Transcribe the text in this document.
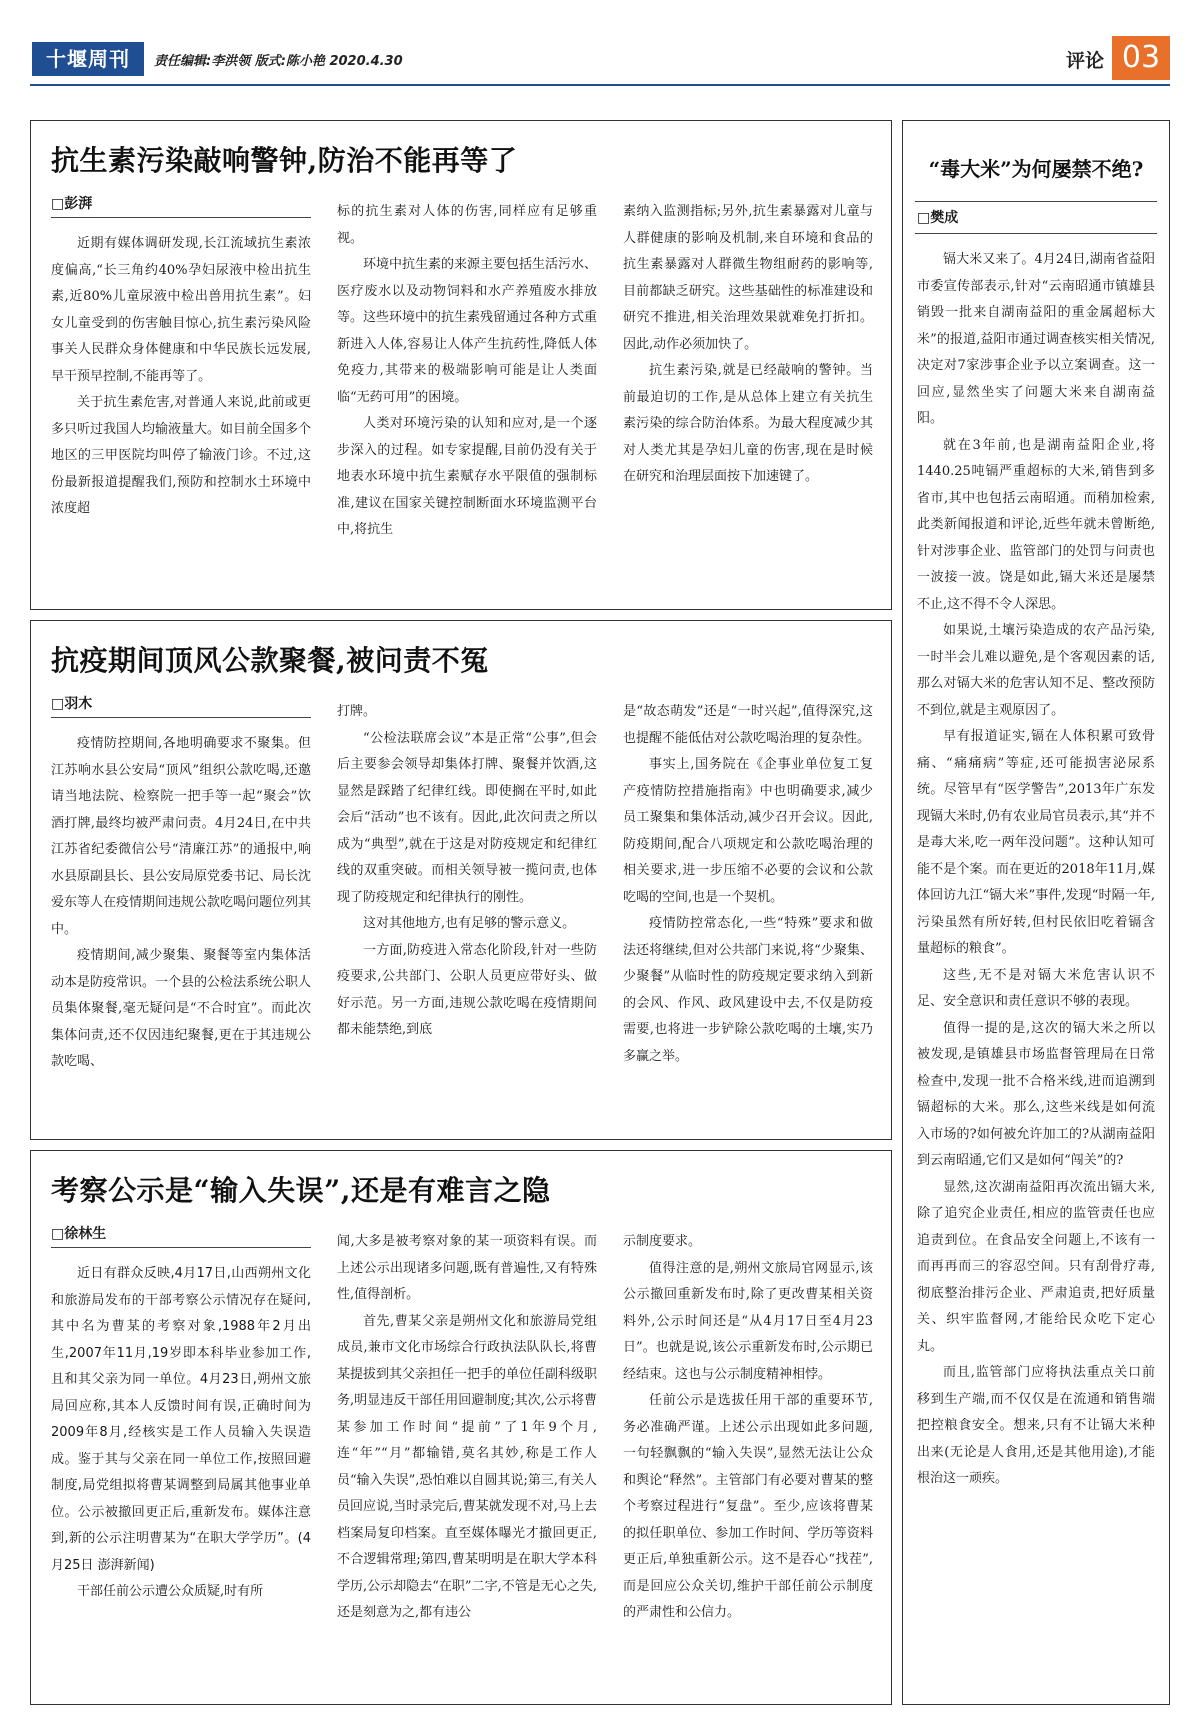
十堰周刊	责任编辑:李洪领 版式:陈小艳 2020.4.30	评论 03
抗生素污染敲响警钟,防治不能再等了
□彭湃

近期有媒体调研发现,长江流域抗生素浓度偏高,“长三角约40%孕妇尿液中检出抗生素,近80%儿童尿液中检出兽用抗生素”。妇女儿童受到的伤害触目惊心,抗生素污染风险事关人民群众身体健康和中华民族长远发展,早干预早控制,不能再等了。

关于抗生素危害,对普通人来说,此前或更多只听过我国人均输液量大。如目前全国多个地区的三甲医院均叫停了输液门诊。不过,这份最新报道提醒我们,预防和控制水土环境中浓度超

标的抗生素对人体的伤害,同样应有足够重视。

环境中抗生素的来源主要包括生活污水、医疗废水以及动物饲料和水产养殖废水排放等。这些环境中的抗生素残留通过各种方式重新进入人体,容易让人体产生抗药性,降低人体免疫力,其带来的极端影响可能是让人类面临“无药可用”的困境。

人类对环境污染的认知和应对,是一个逐步深入的过程。如专家提醒,目前仍没有关于地表水环境中抗生素赋存水平限值的强制标准,建议在国家关键控制断面水环境监测平台中,将抗生

素纳入监测指标;另外,抗生素暴露对儿童与人群健康的影响及机制,来自环境和食品的抗生素暴露对人群微生物组耐药的影响等,目前都缺乏研究。这些基础性的标准建设和研究不推进,相关治理效果就难免打折扣。因此,动作必须加快了。

抗生素污染,就是已经敲响的警钟。当前最迫切的工作,是从总体上建立有关抗生素污染的综合防治体系。为最大程度减少其对人类尤其是孕妇儿童的伤害,现在是时候在研究和治理层面按下加速键了。

抗疫期间顶风公款聚餐,被问责不冤
□羽木

疫情防控期间,各地明确要求不聚集。但江苏响水县公安局“顶风”组织公款吃喝,还邀请当地法院、检察院一把手等一起“聚会”饮酒打牌,最终均被严肃问责。4月24日,在中共江苏省纪委微信公号“清廉江苏”的通报中,响水县原副县长、县公安局原党委书记、局长沈爱东等人在疫情期间违规公款吃喝问题位列其中。

疫情期间,减少聚集、聚餐等室内集体活动本是防疫常识。一个县的公检法系统公职人员集体聚餐,毫无疑问是“不合时宜”。而此次集体问责,还不仅因违纪聚餐,更在于其违规公款吃喝、

打牌。

“公检法联席会议”本是正常“公事”,但会后主要参会领导却集体打牌、聚餐并饮酒,这显然是踩踏了纪律红线。即使搁在平时,如此会后“活动”也不该有。因此,此次问责之所以成为“典型”,就在于这是对防疫规定和纪律红线的双重突破。而相关领导被一揽问责,也体现了防疫规定和纪律执行的刚性。

这对其他地方,也有足够的警示意义。

一方面,防疫进入常态化阶段,针对一些防疫要求,公共部门、公职人员更应带好头、做好示范。另一方面,违规公款吃喝在疫情期间都未能禁绝,到底

是“故态萌发”还是“一时兴起”,值得深究,这也提醒不能低估对公款吃喝治理的复杂性。

事实上,国务院在《企事业单位复工复产疫情防控措施指南》中也明确要求,减少员工聚集和集体活动,减少召开会议。因此,防疫期间,配合八项规定和公款吃喝治理的相关要求,进一步压缩不必要的会议和公款吃喝的空间,也是一个契机。

疫情防控常态化,一些“特殊”要求和做法还将继续,但对公共部门来说,将“少聚集、少聚餐”从临时性的防疫规定要求纳入到新的会风、作风、政风建设中去,不仅是防疫需要,也将进一步铲除公款吃喝的土壤,实乃多赢之举。

考察公示是“输入失误”,还是有难言之隐
□徐林生

近日有群众反映,4月17日,山西朔州文化和旅游局发布的干部考察公示情况存在疑问,其中名为曹某的考察对象,1988年2月出生,2007年11月,19岁即本科毕业参加工作,且和其父亲为同一单位。4月23日,朔州文旅局回应称,其本人反馈时间有误,正确时间为2009年8月,经核实是工作人员输入失误造成。鉴于其与父亲在同一单位工作,按照回避制度,局党组拟将曹某调整到局属其他事业单位。公示被撤回更正后,重新发布。媒体注意到,新的公示注明曹某为“在职大学学历”。(4月25日 澎湃新闻)

干部任前公示遭公众质疑,时有所

闻,大多是被考察对象的某一项资料有误。而上述公示出现诸多问题,既有普遍性,又有特殊性,值得剖析。

首先,曹某父亲是朔州文化和旅游局党组成员,兼市文化市场综合行政执法队队长,将曹某提拔到其父亲担任一把手的单位任副科级职务,明显违反干部任用回避制度;其次,公示将曹某参加工作时间“提前”了1年9个月,连“年”“月”都输错,莫名其妙,称是工作人员“输入失误”,恐怕难以自圆其说;第三,有关人员回应说,当时录完后,曹某就发现不对,马上去档案局复印档案。直至媒体曝光才撤回更正,不合逻辑常理;第四,曹某明明是在职大学本科学历,公示却隐去“在职”二字,不管是无心之失,还是刻意为之,都有违公

示制度要求。

值得注意的是,朔州文旅局官网显示,该公示撤回重新发布时,除了更改曹某相关资料外,公示时间还是“从4月17日至4月23日”。也就是说,该公示重新发布时,公示期已经结束。这也与公示制度精神相悖。

任前公示是选拔任用干部的重要环节,务必准确严谨。上述公示出现如此多问题,一句轻飘飘的“输入失误”,显然无法让公众和舆论“释然”。主管部门有必要对曹某的整个考察过程进行“复盘”。至少,应该将曹某的拟任职单位、参加工作时间、学历等资料更正后,单独重新公示。这不是吞心“找茬”,而是回应公众关切,维护干部任前公示制度的严肃性和公信力。

“毒大米”为何屡禁不绝?
□樊成

镉大米又来了。4月24日,湖南省益阳市委宣传部表示,针对“云南昭通市镇雄县销毁一批来自湖南益阳的重金属超标大米”的报道,益阳市通过调查核实相关情况,决定对7家涉事企业予以立案调查。这一回应,显然坐实了问题大米来自湖南益阳。

就在3年前,也是湖南益阳企业,将1440.25吨镉严重超标的大米,销售到多省市,其中也包括云南昭通。而稍加检索,此类新闻报道和评论,近些年就未曾断绝,针对涉事企业、监管部门的处罚与问责也一波接一波。饶是如此,镉大米还是屡禁不止,这不得不令人深思。

如果说,土壤污染造成的农产品污染,一时半会儿难以避免,是个客观因素的话,那么对镉大米的危害认知不足、整改预防不到位,就是主观原因了。

早有报道证实,镉在人体积累可致骨痛、“痛痛病”等症,还可能损害泌尿系统。尽管早有“医学警告”,2013年广东发现镉大米时,仍有农业局官员表示,其“并不是毒大米,吃一两年没问题”。这种认知可能不是个案。而在更近的2018年11月,媒体回访九江“镉大米”事件,发现“时隔一年,污染虽然有所好转,但村民依旧吃着镉含量超标的粮食”。

这些,无不是对镉大米危害认识不足、安全意识和责任意识不够的表现。

值得一提的是,这次的镉大米之所以被发现,是镇雄县市场监督管理局在日常检查中,发现一批不合格米线,进而追溯到镉超标的大米。那么,这些米线是如何流入市场的?如何被允许加工的?从湖南益阳到云南昭通,它们又是如何“闯关”的?

显然,这次湖南益阳再次流出镉大米,除了追究企业责任,相应的监管责任也应追责到位。在食品安全问题上,不该有一而再再而三的容忍空间。只有刮骨疗毒,彻底整治排污企业、严肃追责,把好质量关、织牢监督网,才能给民众吃下定心丸。

而且,监管部门应将执法重点关口前移到生产端,而不仅仅是在流通和销售端把控粮食安全。想来,只有不让镉大米种出来(无论是人食用,还是其他用途),才能根治这一顽疾。
